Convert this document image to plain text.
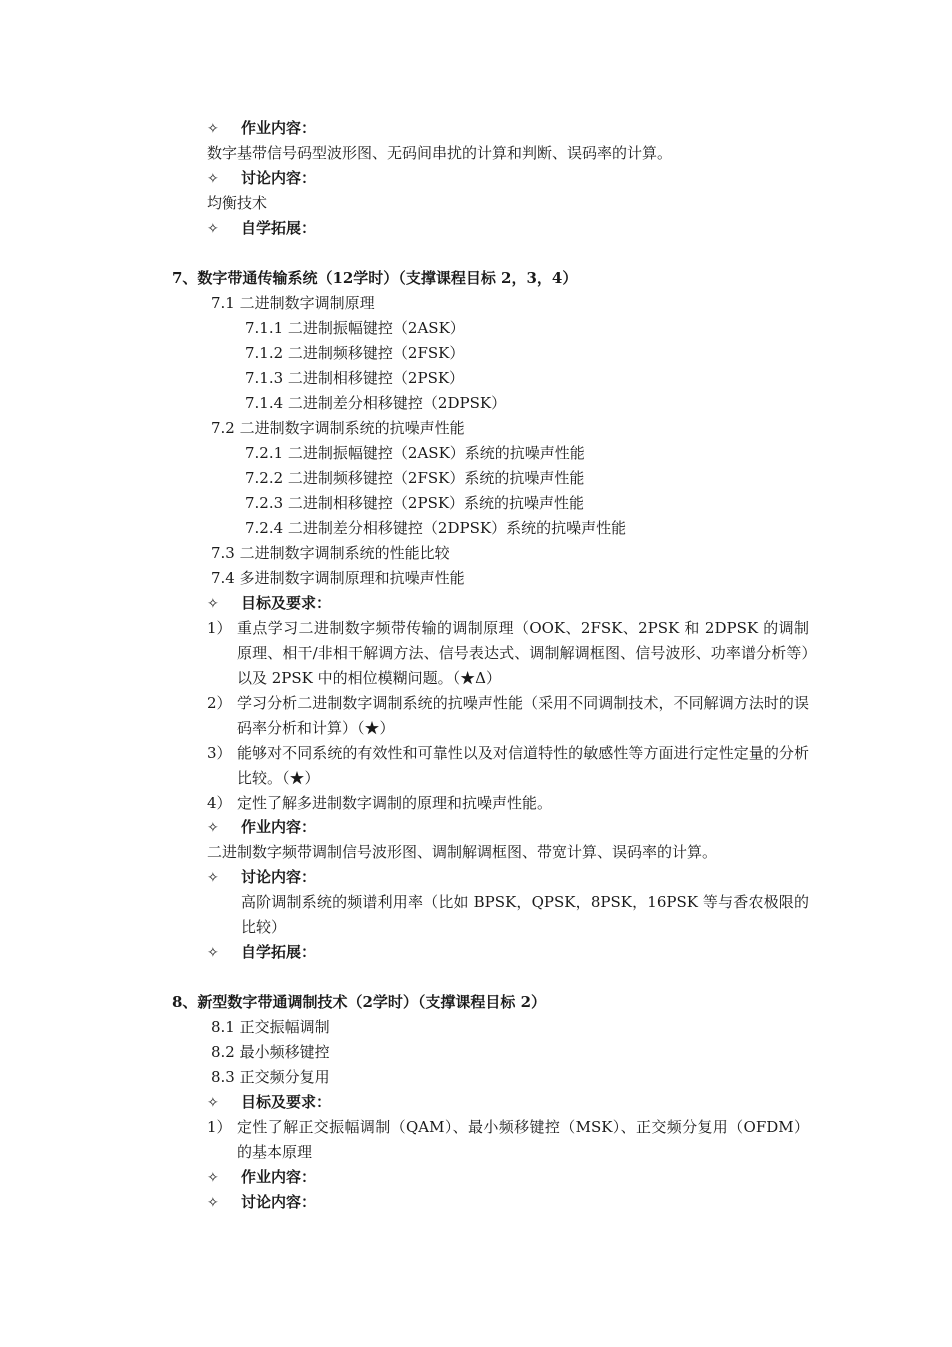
✧ 作业内容：
数字基带信号码型波形图、无码间串扰的计算和判断、误码率的计算。
✧ 讨论内容：
均衡技术
✧ 自学拓展：
7、数字带通传输系统（12学时）（支撑课程目标 2，3，4）
7.1 二进制数字调制原理
7.1.1 二进制振幅键控（2ASK）
7.1.2 二进制频移键控（2FSK）
7.1.3 二进制相移键控（2PSK）
7.1.4 二进制差分相移键控（2DPSK）
7.2 二进制数字调制系统的抗噪声性能
7.2.1 二进制振幅键控（2ASK）系统的抗噪声性能
7.2.2 二进制频移键控（2FSK）系统的抗噪声性能
7.2.3 二进制相移键控（2PSK）系统的抗噪声性能
7.2.4 二进制差分相移键控（2DPSK）系统的抗噪声性能
7.3 二进制数字调制系统的性能比较
7.4 多进制数字调制原理和抗噪声性能
✧ 目标及要求：
1） 重点学习二进制数字频带传输的调制原理（OOK、2FSK、2PSK 和 2DPSK 的调制原理、相干/非相干解调方法、信号表达式、调制解调框图、信号波形、功率谱分析等）以及 2PSK 中的相位模糊问题。（★Δ）
2） 学习分析二进制数字调制系统的抗噪声性能（采用不同调制技术，不同解调方法时的误码率分析和计算）（★）
3） 能够对不同系统的有效性和可靠性以及对信道特性的敏感性等方面进行定性定量的分析比较。（★）
4） 定性了解多进制数字调制的原理和抗噪声性能。
✧ 作业内容：
二进制数字频带调制信号波形图、调制解调框图、带宽计算、误码率的计算。
✧ 讨论内容：
高阶调制系统的频谱利用率（比如 BPSK，QPSK，8PSK，16PSK 等与香农极限的比较）
✧ 自学拓展：
8、新型数字带通调制技术（2学时）（支撑课程目标 2）
8.1 正交振幅调制
8.2 最小频移键控
8.3 正交频分复用
✧ 目标及要求：
1） 定性了解正交振幅调制（QAM）、最小频移键控（MSK）、正交频分复用（OFDM）的基本原理
✧ 作业内容：
✧ 讨论内容：
